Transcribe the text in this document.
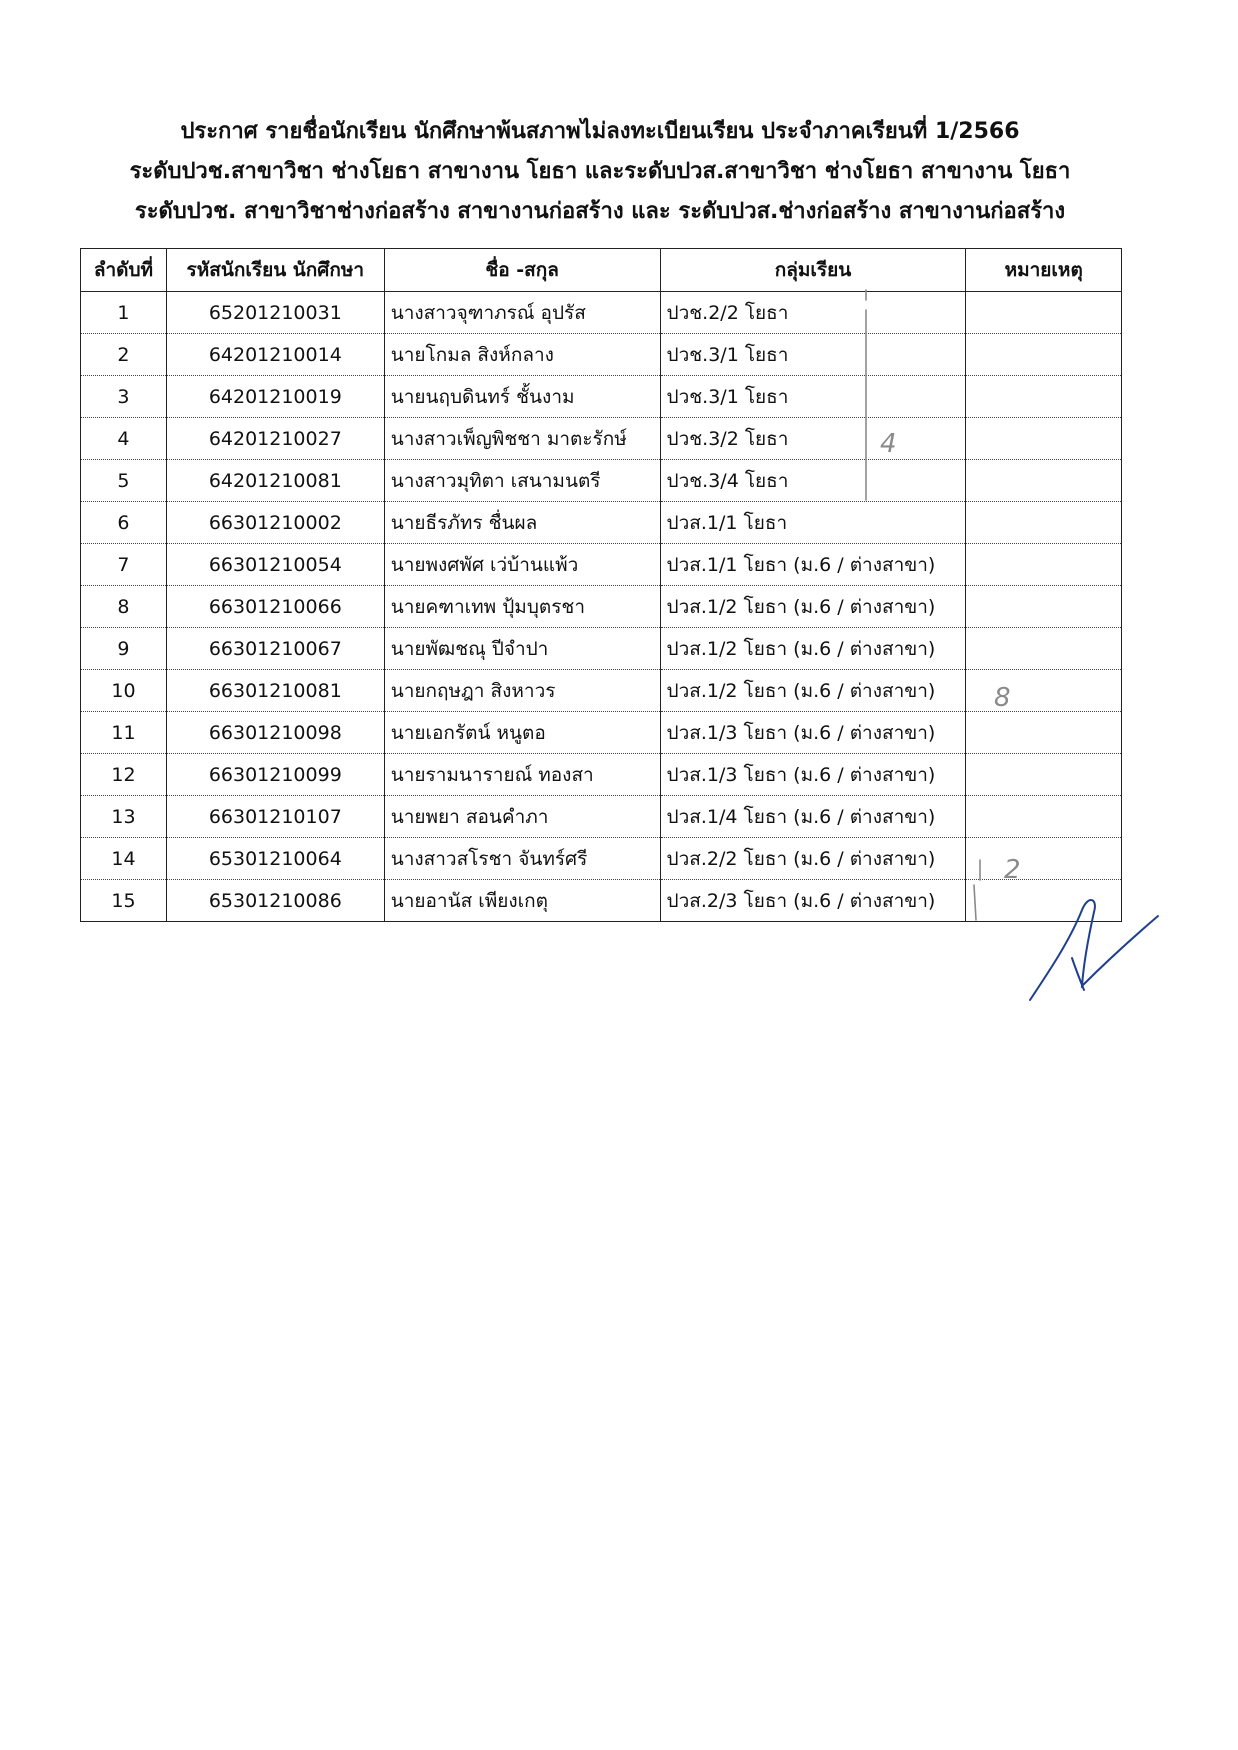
ประกาศ รายชื่อนักเรียน นักศึกษาพ้นสภาพไม่ลงทะเบียนเรียน ประจำภาคเรียนที่ 1/2566
ระดับปวช.สาขาวิชา ช่างโยธา สาขางาน โยธา และระดับปวส.สาขาวิชา ช่างโยธา สาขางาน โยธา
ระดับปวช. สาขาวิชาช่างก่อสร้าง สาขางานก่อสร้าง และ ระดับปวส.ช่างก่อสร้าง สาขางานก่อสร้าง
ลำดับที่	รหัสนักเรียน นักศึกษา	ชื่อ -สกุล	กลุ่มเรียน	หมายเหตุ
1	65201210031	นางสาวจุฑาภรณ์ อุปรัส	ปวช.2/2 โยธา	
2	64201210014	นายโกมล สิงห์กลาง	ปวช.3/1 โยธา	
3	64201210019	นายนฤบดินทร์ ชั้นงาม	ปวช.3/1 โยธา	
4	64201210027	นางสาวเพ็ญพิชชา มาตะรักษ์	ปวช.3/2 โยธา	
5	64201210081	นางสาวมุทิตา เสนามนตรี	ปวช.3/4 โยธา	
6	66301210002	นายธีรภัทร ชื่นผล	ปวส.1/1 โยธา	
7	66301210054	นายพงศพัศ เว่บ้านแพ้ว	ปวส.1/1 โยธา (ม.6 / ต่างสาขา)	
8	66301210066	นายคฑาเทพ ปุ้มบุตรชา	ปวส.1/2 โยธา (ม.6 / ต่างสาขา)	
9	66301210067	นายพัฒชณุ ปีจำปา	ปวส.1/2 โยธา (ม.6 / ต่างสาขา)	
10	66301210081	นายกฤษฎา สิงหาวร	ปวส.1/2 โยธา (ม.6 / ต่างสาขา)	
11	66301210098	นายเอกรัตน์ หนูตอ	ปวส.1/3 โยธา (ม.6 / ต่างสาขา)	
12	66301210099	นายรามนารายณ์ ทองสา	ปวส.1/3 โยธา (ม.6 / ต่างสาขา)	
13	66301210107	นายพยา สอนคำภา	ปวส.1/4 โยธา (ม.6 / ต่างสาขา)	
14	65301210064	นางสาวสโรชา จันทร์ศรี	ปวส.2/2 โยธา (ม.6 / ต่างสาขา)	
15	65301210086	นายอานัส เพียงเกตุ	ปวส.2/3 โยธา (ม.6 / ต่างสาขา)	
4
8
2
